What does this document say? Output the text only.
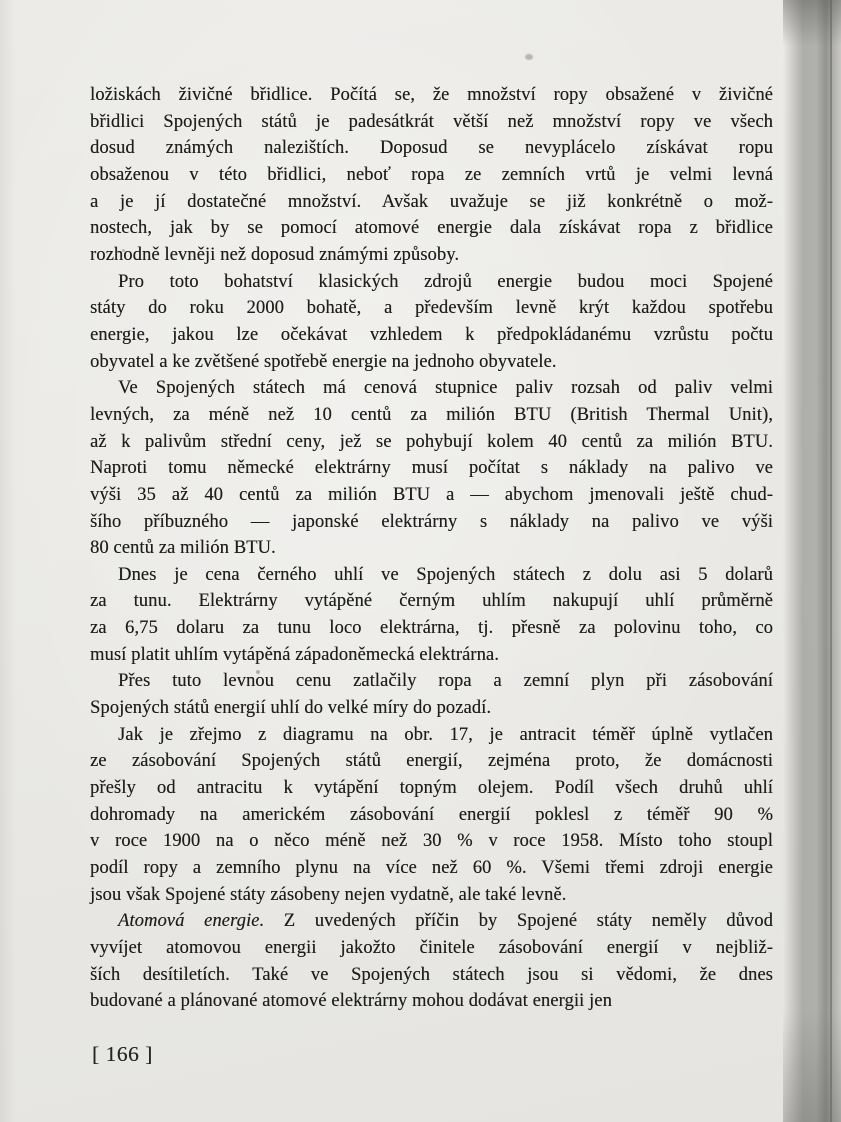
ložiskách živičné břidlice. Počítá se, že množství ropy obsažené v živičné
břidlici Spojených států je padesátkrát větší než množství ropy ve všech
dosud známých nalezištích. Doposud se nevyplácelo získávat ropu
obsaženou v této břidlici, neboť ropa ze zemních vrtů je velmi levná
a je jí dostatečné množství. Avšak uvažuje se již konkrétně o mož-
nostech, jak by se pomocí atomové energie dala získávat ropa z břidlice
rozhodně levněji než doposud známými způsoby.
Pro toto bohatství klasických zdrojů energie budou moci Spojené
státy do roku 2000 bohatě, a především levně krýt každou spotřebu
energie, jakou lze očekávat vzhledem k předpokládanému vzrůstu počtu
obyvatel a ke zvětšené spotřebě energie na jednoho obyvatele.
Ve Spojených státech má cenová stupnice paliv rozsah od paliv velmi
levných, za méně než 10 centů za milión BTU (British Thermal Unit),
až k palivům střední ceny, jež se pohybují kolem 40 centů za milión BTU.
Naproti tomu německé elektrárny musí počítat s náklady na palivo ve
výši 35 až 40 centů za milión BTU a — abychom jmenovali ještě chud-
šího příbuzného — japonské elektrárny s náklady na palivo ve výši
80 centů za milión BTU.
Dnes je cena černého uhlí ve Spojených státech z dolu asi 5 dolarů
za tunu. Elektrárny vytápěné černým uhlím nakupují uhlí průměrně
za 6,75 dolaru za tunu loco elektrárna, tj. přesně za polovinu toho, co
musí platit uhlím vytápěná západoněmecká elektrárna.
Přes tuto levnou cenu zatlačily ropa a zemní plyn při zásobování
Spojených států energií uhlí do velké míry do pozadí.
Jak je zřejmo z diagramu na obr. 17, je antracit téměř úplně vytlačen
ze zásobování Spojených států energií, zejména proto, že domácnosti
přešly od antracitu k vytápění topným olejem. Podíl všech druhů uhlí
dohromady na americkém zásobování energií poklesl z téměř 90 %
v roce 1900 na o něco méně než 30 % v roce 1958. Místo toho stoupl
podíl ropy a zemního plynu na více než 60 %. Všemi třemi zdroji energie
jsou však Spojené státy zásobeny nejen vydatně, ale také levně.
Atomová energie. Z uvedených příčin by Spojené státy neměly důvod
vyvíjet atomovou energii jakožto činitele zásobování energií v nejbliž-
ších desítiletích. Také ve Spojených státech jsou si vědomi, že dnes
budované a plánované atomové elektrárny mohou dodávat energii jen
[ 166 ]
